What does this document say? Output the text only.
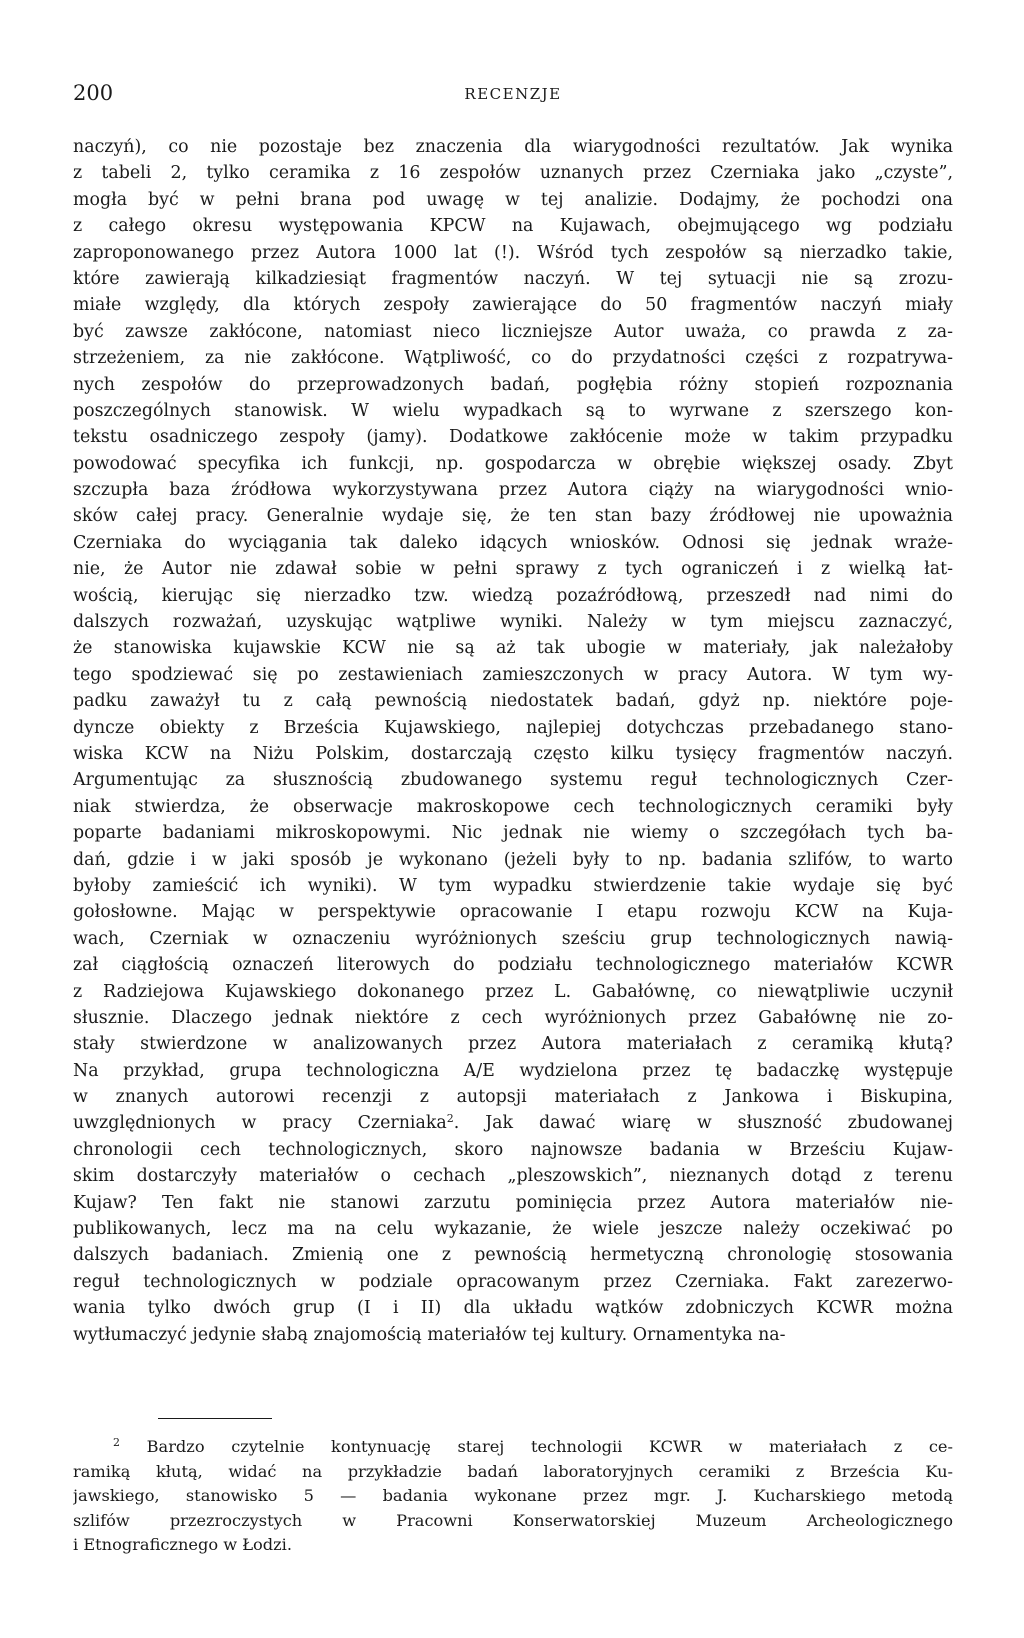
200	RECENZJE
naczyń), co nie pozostaje bez znaczenia dla wiarygodności rezultatów. Jak wynika
z tabeli 2, tylko ceramika z 16 zespołów uznanych przez Czerniaka jako „czyste”,
mogła być w pełni brana pod uwagę w tej analizie. Dodajmy, że pochodzi ona
z całego okresu występowania KPCW na Kujawach, obejmującego wg podziału
zaproponowanego przez Autora 1000 lat (!). Wśród tych zespołów są nierzadko takie,
które zawierają kilkadziesiąt fragmentów naczyń. W tej sytuacji nie są zrozu-
miałe względy, dla których zespoły zawierające do 50 fragmentów naczyń miały
być zawsze zakłócone, natomiast nieco liczniejsze Autor uważa, co prawda z za-
strzeżeniem, za nie zakłócone. Wątpliwość, co do przydatności części z rozpatrywa-
nych zespołów do przeprowadzonych badań, pogłębia różny stopień rozpoznania
poszczególnych stanowisk. W wielu wypadkach są to wyrwane z szerszego kon-
tekstu osadniczego zespoły (jamy). Dodatkowe zakłócenie może w takim przypadku
powodować specyfika ich funkcji, np. gospodarcza w obrębie większej osady. Zbyt
szczupła baza źródłowa wykorzystywana przez Autora ciąży na wiarygodności wnio-
sków całej pracy. Generalnie wydaje się, że ten stan bazy źródłowej nie upoważnia
Czerniaka do wyciągania tak daleko idących wniosków. Odnosi się jednak wraże-
nie, że Autor nie zdawał sobie w pełni sprawy z tych ograniczeń i z wielką łat-
wością, kierując się nierzadko tzw. wiedzą pozaźródłową, przeszedł nad nimi do
dalszych rozważań, uzyskując wątpliwe wyniki. Należy w tym miejscu zaznaczyć,
że stanowiska kujawskie KCW nie są aż tak ubogie w materiały, jak należałoby
tego spodziewać się po zestawieniach zamieszczonych w pracy Autora. W tym wy-
padku zaważył tu z całą pewnością niedostatek badań, gdyż np. niektóre poje-
dyncze obiekty z Brześcia Kujawskiego, najlepiej dotychczas przebadanego stano-
wiska KCW na Niżu Polskim, dostarczają często kilku tysięcy fragmentów naczyń.
Argumentując za słusznością zbudowanego systemu reguł technologicznych Czer-
niak stwierdza, że obserwacje makroskopowe cech technologicznych ceramiki były
poparte badaniami mikroskopowymi. Nic jednak nie wiemy o szczegółach tych ba-
dań, gdzie i w jaki sposób je wykonano (jeżeli były to np. badania szlifów, to warto
byłoby zamieścić ich wyniki). W tym wypadku stwierdzenie takie wydaje się być
gołosłowne. Mając w perspektywie opracowanie I etapu rozwoju KCW na Kuja-
wach, Czerniak w oznaczeniu wyróżnionych sześciu grup technologicznych nawią-
zał ciągłością oznaczeń literowych do podziału technologicznego materiałów KCWR
z Radziejowa Kujawskiego dokonanego przez L. Gabałównę, co niewątpliwie uczynił
słusznie. Dlaczego jednak niektóre z cech wyróżnionych przez Gabałównę nie zo-
stały stwierdzone w analizowanych przez Autora materiałach z ceramiką kłutą?
Na przykład, grupa technologiczna A/E wydzielona przez tę badaczkę występuje
w znanych autorowi recenzji z autopsji materiałach z Jankowa i Biskupina,
uwzględnionych w pracy Czerniaka$^2$. Jak dawać wiarę w słuszność zbudowanej
chronologii cech technologicznych, skoro najnowsze badania w Brześciu Kujaw-
skim dostarczyły materiałów o cechach „pleszowskich”, nieznanych dotąd z terenu
Kujaw? Ten fakt nie stanowi zarzutu pominięcia przez Autora materiałów nie-
publikowanych, lecz ma na celu wykazanie, że wiele jeszcze należy oczekiwać po
dalszych badaniach. Zmienią one z pewnością hermetyczną chronologię stosowania
reguł technologicznych w podziale opracowanym przez Czerniaka. Fakt zarezerwo-
wania tylko dwóch grup (I i II) dla układu wątków zdobniczych KCWR można
wytłumaczyć jedynie słabą znajomością materiałów tej kultury. Ornamentyka na-
$^2$ Bardzo czytelnie kontynuację starej technologii KCWR w materiałach z ce-
ramiką kłutą, widać na przykładzie badań laboratoryjnych ceramiki z Brześcia Ku-
jawskiego, stanowisko 5 — badania wykonane przez mgr. J. Kucharskiego metodą
szlifów przezroczystych w Pracowni Konserwatorskiej Muzeum Archeologicznego
i Etnograficznego w Łodzi.
